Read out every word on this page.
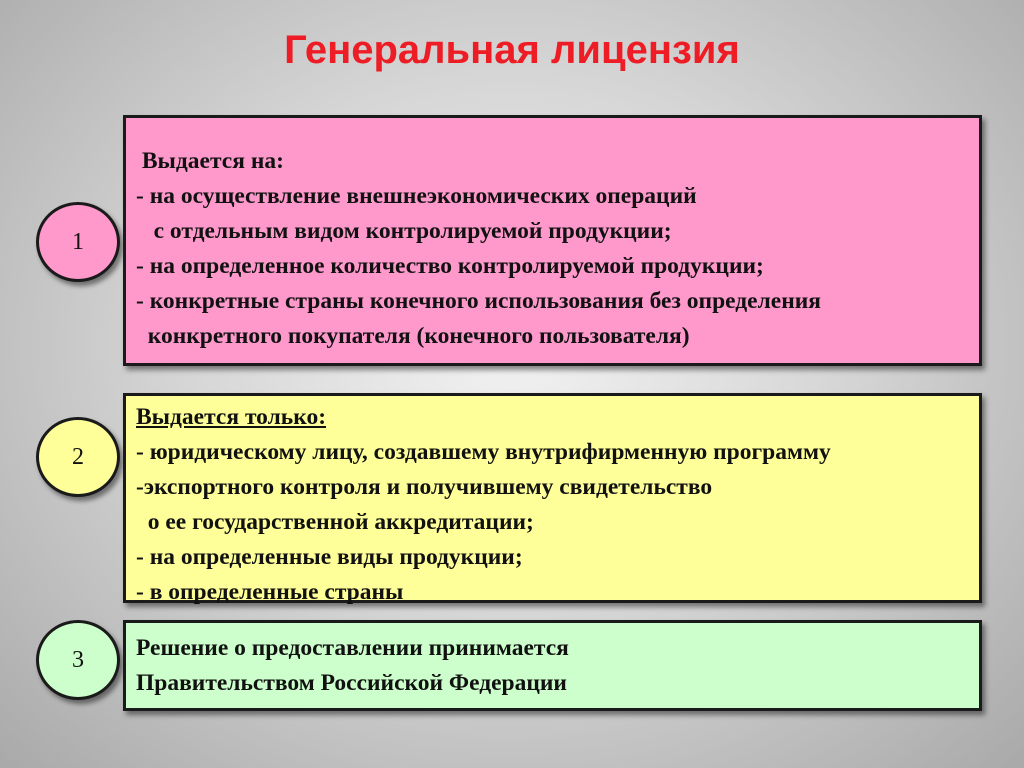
Генеральная лицензия
1
Выдается на:
- на осуществление внешнеэкономических операций
с отдельным видом контролируемой продукции;
- на определенное количество контролируемой продукции;
- конкретные страны конечного использования без определения
конкретного покупателя (конечного пользователя)
2
Выдается только:
- юридическому лицу, создавшему внутрифирменную программу
-экспортного контроля и получившему свидетельство
о ее государственной аккредитации;
- на определенные виды продукции;
- в определенные страны
3	Решение о предоставлении принимается
Правительством Российской Федерации
